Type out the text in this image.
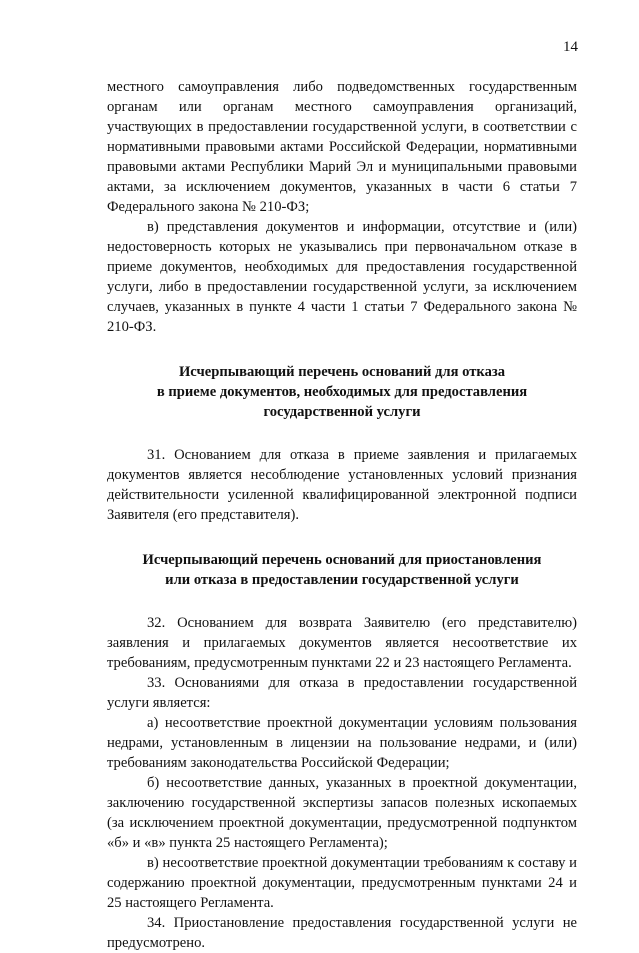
14

местного самоуправления либо подведомственных государственным органам или органам местного самоуправления организаций, участвующих в предоставлении государственной услуги, в соответствии с нормативными правовыми актами Российской Федерации, нормативными правовыми актами Республики Марий Эл и муниципальными правовыми актами, за исключением документов, указанных в части 6 статьи 7 Федерального закона № 210-ФЗ;

в) представления документов и информации, отсутствие и (или) недостоверность которых не указывались при первоначальном отказе в приеме документов, необходимых для предоставления государственной услуги, либо в предоставлении государственной услуги, за исключением случаев, указанных в пункте 4 части 1 статьи 7 Федерального закона № 210-ФЗ.

Исчерпывающий перечень оснований для отказа

в приеме документов, необходимых для предоставления

государственной услуги

31. Основанием для отказа в приеме заявления и прилагаемых документов является несоблюдение установленных условий признания действительности усиленной квалифицированной электронной подписи Заявителя (его представителя).

Исчерпывающий перечень оснований для приостановления

или отказа в предоставлении государственной услуги

32. Основанием для возврата Заявителю (его представителю) заявления и прилагаемых документов является несоответствие их требованиям, предусмотренным пунктами 22 и 23 настоящего Регламента.

33. Основаниями для отказа в предоставлении государственной услуги является:

а) несоответствие проектной документации условиям пользования недрами, установленным в лицензии на пользование недрами, и (или) требованиям законодательства Российской Федерации;

б) несоответствие данных, указанных в проектной документации, заключению государственной экспертизы запасов полезных ископаемых (за исключением проектной документации, предусмотренной подпунктом «б» и «в» пункта 25 настоящего Регламента);

в) несоответствие проектной документации требованиям к составу и содержанию проектной документации, предусмотренным пунктами 24 и 25 настоящего Регламента.

34. Приостановление предоставления государственной услуги не предусмотрено.
